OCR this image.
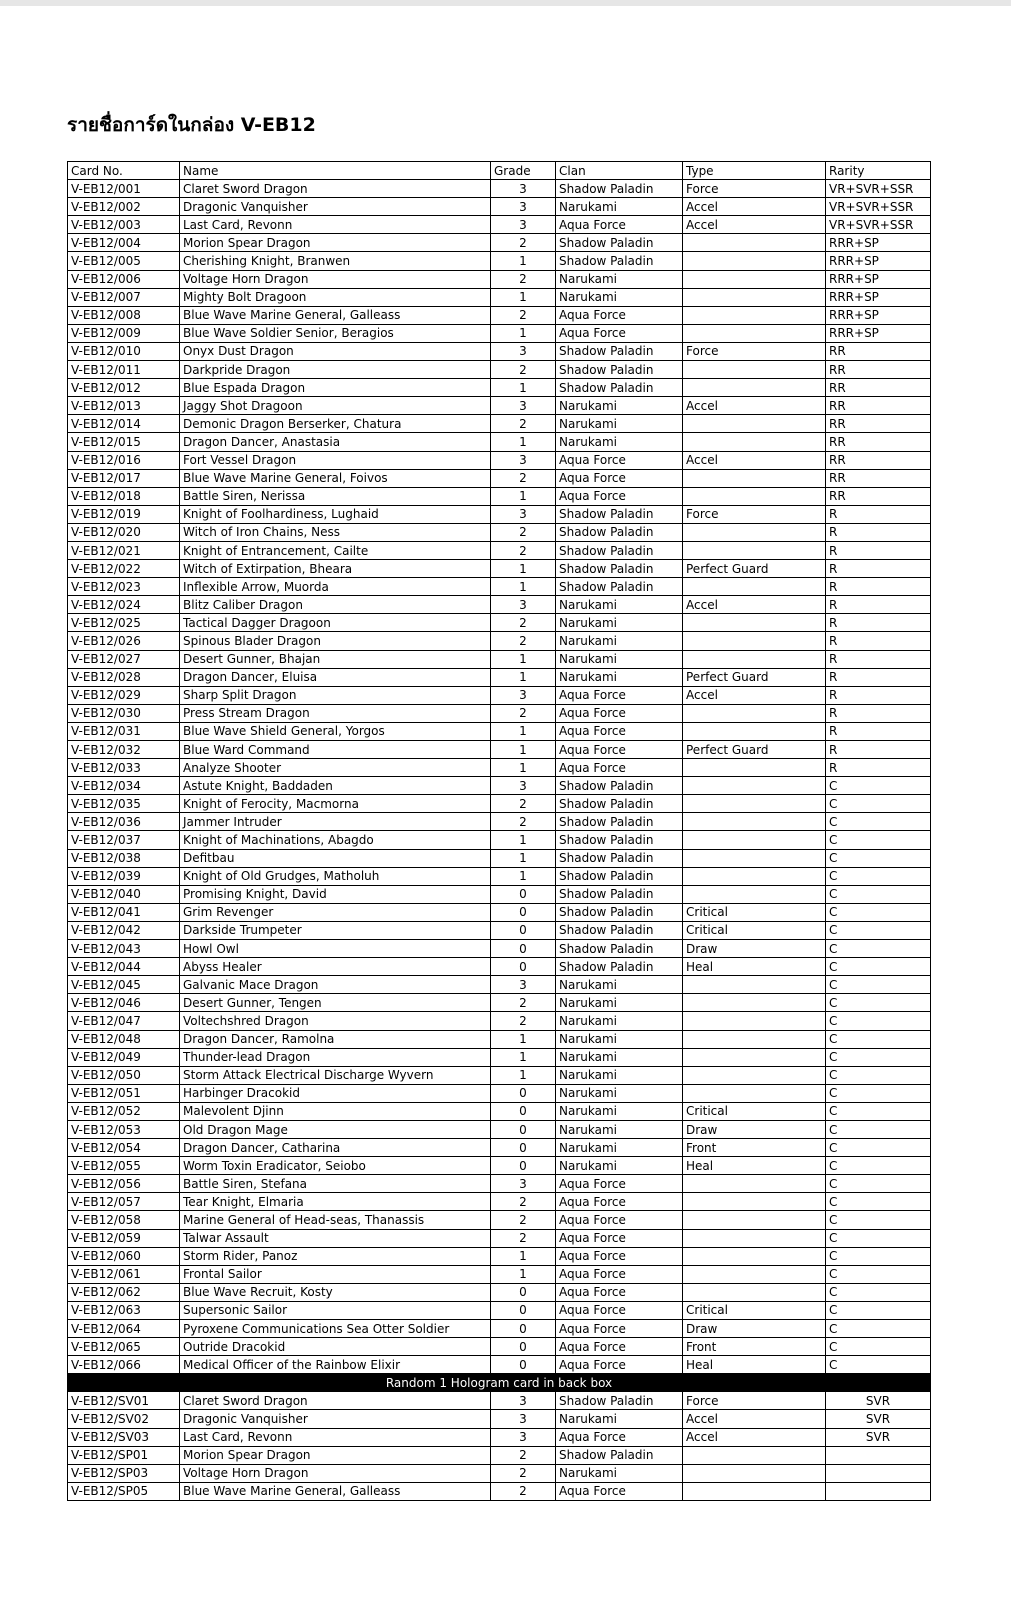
รายชื่อการ์ดในกล่อง V-EB12
Card No.	Name	Grade	Clan	Type	Rarity
V-EB12/001	Claret Sword Dragon	3	Shadow Paladin	Force	VR+SVR+SSR
V-EB12/002	Dragonic Vanquisher	3	Narukami	Accel	VR+SVR+SSR
V-EB12/003	Last Card, Revonn	3	Aqua Force	Accel	VR+SVR+SSR
V-EB12/004	Morion Spear Dragon	2	Shadow Paladin		RRR+SP
V-EB12/005	Cherishing Knight, Branwen	1	Shadow Paladin		RRR+SP
V-EB12/006	Voltage Horn Dragon	2	Narukami		RRR+SP
V-EB12/007	Mighty Bolt Dragoon	1	Narukami		RRR+SP
V-EB12/008	Blue Wave Marine General, Galleass	2	Aqua Force		RRR+SP
V-EB12/009	Blue Wave Soldier Senior, Beragios	1	Aqua Force		RRR+SP
V-EB12/010	Onyx Dust Dragon	3	Shadow Paladin	Force	RR
V-EB12/011	Darkpride Dragon	2	Shadow Paladin		RR
V-EB12/012	Blue Espada Dragon	1	Shadow Paladin		RR
V-EB12/013	Jaggy Shot Dragoon	3	Narukami	Accel	RR
V-EB12/014	Demonic Dragon Berserker, Chatura	2	Narukami		RR
V-EB12/015	Dragon Dancer, Anastasia	1	Narukami		RR
V-EB12/016	Fort Vessel Dragon	3	Aqua Force	Accel	RR
V-EB12/017	Blue Wave Marine General, Foivos	2	Aqua Force		RR
V-EB12/018	Battle Siren, Nerissa	1	Aqua Force		RR
V-EB12/019	Knight of Foolhardiness, Lughaid	3	Shadow Paladin	Force	R
V-EB12/020	Witch of Iron Chains, Ness	2	Shadow Paladin		R
V-EB12/021	Knight of Entrancement, Cailte	2	Shadow Paladin		R
V-EB12/022	Witch of Extirpation, Bheara	1	Shadow Paladin	Perfect Guard	R
V-EB12/023	Inflexible Arrow, Muorda	1	Shadow Paladin		R
V-EB12/024	Blitz Caliber Dragon	3	Narukami	Accel	R
V-EB12/025	Tactical Dagger Dragoon	2	Narukami		R
V-EB12/026	Spinous Blader Dragon	2	Narukami		R
V-EB12/027	Desert Gunner, Bhajan	1	Narukami		R
V-EB12/028	Dragon Dancer, Eluisa	1	Narukami	Perfect Guard	R
V-EB12/029	Sharp Split Dragon	3	Aqua Force	Accel	R
V-EB12/030	Press Stream Dragon	2	Aqua Force		R
V-EB12/031	Blue Wave Shield General, Yorgos	1	Aqua Force		R
V-EB12/032	Blue Ward Command	1	Aqua Force	Perfect Guard	R
V-EB12/033	Analyze Shooter	1	Aqua Force		R
V-EB12/034	Astute Knight, Baddaden	3	Shadow Paladin		C
V-EB12/035	Knight of Ferocity, Macmorna	2	Shadow Paladin		C
V-EB12/036	Jammer Intruder	2	Shadow Paladin		C
V-EB12/037	Knight of Machinations, Abagdo	1	Shadow Paladin		C
V-EB12/038	Defitbau	1	Shadow Paladin		C
V-EB12/039	Knight of Old Grudges, Matholuh	1	Shadow Paladin		C
V-EB12/040	Promising Knight, David	0	Shadow Paladin		C
V-EB12/041	Grim Revenger	0	Shadow Paladin	Critical	C
V-EB12/042	Darkside Trumpeter	0	Shadow Paladin	Critical	C
V-EB12/043	Howl Owl	0	Shadow Paladin	Draw	C
V-EB12/044	Abyss Healer	0	Shadow Paladin	Heal	C
V-EB12/045	Galvanic Mace Dragon	3	Narukami		C
V-EB12/046	Desert Gunner, Tengen	2	Narukami		C
V-EB12/047	Voltechshred Dragon	2	Narukami		C
V-EB12/048	Dragon Dancer, Ramolna	1	Narukami		C
V-EB12/049	Thunder-lead Dragon	1	Narukami		C
V-EB12/050	Storm Attack Electrical Discharge Wyvern	1	Narukami		C
V-EB12/051	Harbinger Dracokid	0	Narukami		C
V-EB12/052	Malevolent Djinn	0	Narukami	Critical	C
V-EB12/053	Old Dragon Mage	0	Narukami	Draw	C
V-EB12/054	Dragon Dancer, Catharina	0	Narukami	Front	C
V-EB12/055	Worm Toxin Eradicator, Seiobo	0	Narukami	Heal	C
V-EB12/056	Battle Siren, Stefana	3	Aqua Force		C
V-EB12/057	Tear Knight, Elmaria	2	Aqua Force		C
V-EB12/058	Marine General of Head-seas, Thanassis	2	Aqua Force		C
V-EB12/059	Talwar Assault	2	Aqua Force		C
V-EB12/060	Storm Rider, Panoz	1	Aqua Force		C
V-EB12/061	Frontal Sailor	1	Aqua Force		C
V-EB12/062	Blue Wave Recruit, Kosty	0	Aqua Force		C
V-EB12/063	Supersonic Sailor	0	Aqua Force	Critical	C
V-EB12/064	Pyroxene Communications Sea Otter Soldier	0	Aqua Force	Draw	C
V-EB12/065	Outride Dracokid	0	Aqua Force	Front	C
V-EB12/066	Medical Officer of the Rainbow Elixir	0	Aqua Force	Heal	C
Random 1 Hologram card in back box					
V-EB12/SV01	Claret Sword Dragon	3	Shadow Paladin	Force	SVR
V-EB12/SV02	Dragonic Vanquisher	3	Narukami	Accel	SVR
V-EB12/SV03	Last Card, Revonn	3	Aqua Force	Accel	SVR
V-EB12/SP01	Morion Spear Dragon	2	Shadow Paladin		
V-EB12/SP03	Voltage Horn Dragon	2	Narukami		
V-EB12/SP05	Blue Wave Marine General, Galleass	2	Aqua Force		
